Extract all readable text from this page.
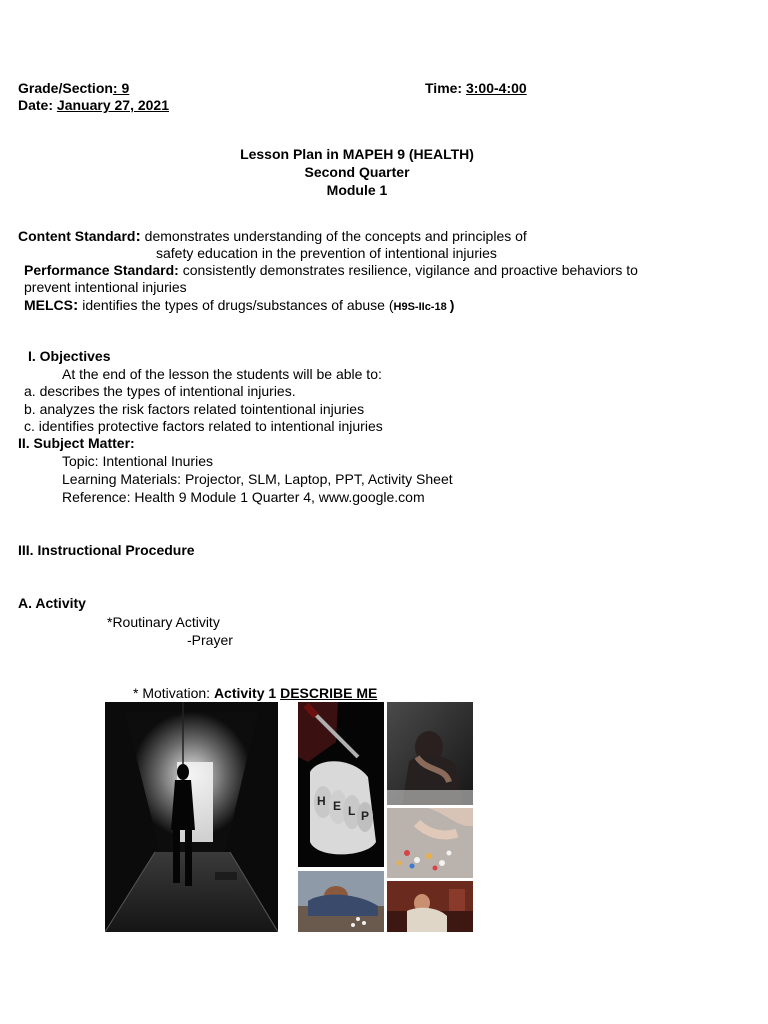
Grade/Section: 9	Time: 3:00-4:00
Date: January 27, 2021
Lesson Plan in MAPEH 9 (HEALTH)
Second Quarter
Module 1
Content Standard: demonstrates understanding of the concepts and principles of
safety education in the prevention of intentional injuries
Performance Standard: consistently demonstrates resilience, vigilance and proactive behaviors to
prevent intentional injuries
MELCS: identifies the types of drugs/substances of abuse (H9S-IIc-18 )
I. Objectives
At the end of the lesson the students will be able to:
a. describes the types of intentional injuries.
b. analyzes the risk factors related tointentional injuries
c. identifies protective factors related to intentional injuries
II. Subject Matter:
Topic: Intentional Inuries
Learning Materials: Projector, SLM, Laptop, PPT, Activity Sheet
Reference: Health 9 Module 1 Quarter 4, www.google.com
III. Instructional Procedure
A. Activity
*Routinary Activity
-Prayer
* Motivation: Activity 1 DESCRIBE ME
H E L P
